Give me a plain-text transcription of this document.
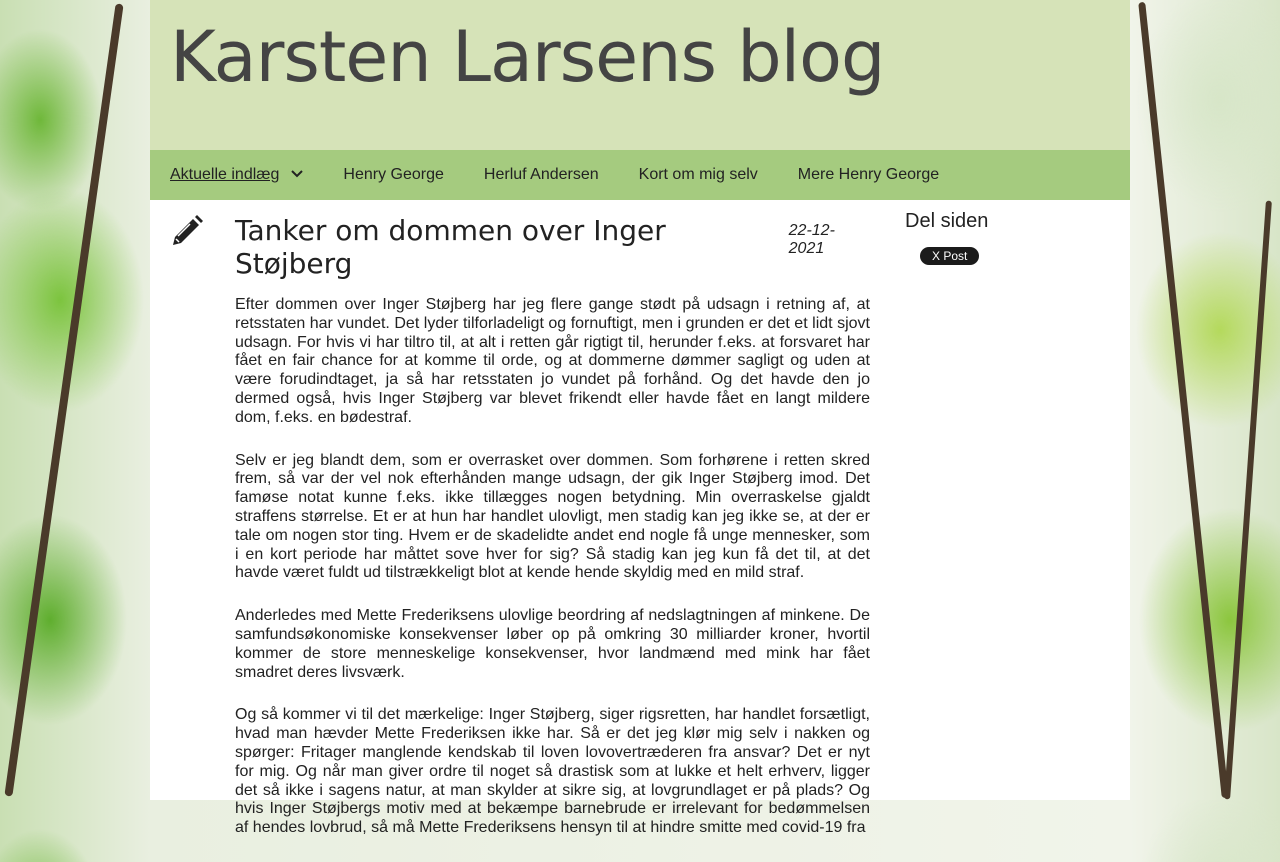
Karsten Larsens blog
Aktuelle indlæg	Henry George	Herluf Andersen	Kort om mig selv	Mere Henry George
Tanker om dommen over Inger Støjberg
22-12-2021

Efter dommen over Inger Støjberg har jeg flere gange stødt på udsagn i retning af, at retsstaten har vundet. Det lyder tilforladeligt og fornuftigt, men i grunden er det et lidt sjovt udsagn. For hvis vi har tiltro til, at alt i retten går rigtigt til, herunder f.eks. at forsvaret har fået en fair chance for at komme til orde, og at dommerne dømmer sagligt og uden at være forudindtaget, ja så har retsstaten jo vundet på forhånd. Og det havde den jo dermed også, hvis Inger Støjberg var blevet frikendt eller havde fået en langt mildere dom, f.eks. en bødestraf.

Selv er jeg blandt dem, som er overrasket over dommen. Som forhørene i retten skred frem, så var der vel nok efterhånden mange udsagn, der gik Inger Støjberg imod. Det famøse notat kunne f.eks. ikke tillægges nogen betydning. Min overraskelse gjaldt straffens størrelse. Et er at hun har handlet ulovligt, men stadig kan jeg ikke se, at der er tale om nogen stor ting. Hvem er de skadelidte andet end nogle få unge mennesker, som i en kort periode har måttet sove hver for sig? Så stadig kan jeg kun få det til, at det havde været fuldt ud tilstrækkeligt blot at kende hende skyldig med en mild straf.

Anderledes med Mette Frederiksens ulovlige beordring af nedslagtningen af minkene. De samfundsøkonomiske konsekvenser løber op på omkring 30 milliarder kroner, hvortil kommer de store menneskelige konsekvenser, hvor landmænd med mink har fået smadret deres livsværk.

Og så kommer vi til det mærkelige: Inger Støjberg, siger rigsretten, har handlet forsætligt, hvad man hævder Mette Frederiksen ikke har. Så er det jeg klør mig selv i nakken og spørger: Fritager manglende kendskab til loven lovovertræderen fra ansvar? Det er nyt for mig. Og når man giver ordre til noget så drastisk som at lukke et helt erhverv, ligger det så ikke i sagens natur, at man skylder at sikre sig, at lovgrundlaget er på plads? Og hvis Inger Støjbergs motiv med at bekæmpe barnebrude er irrelevant for bedømmelsen af hendes lovbrud, så må Mette Frederiksens hensyn til at hindre smitte med covid-19 fra

Del siden
X Post
